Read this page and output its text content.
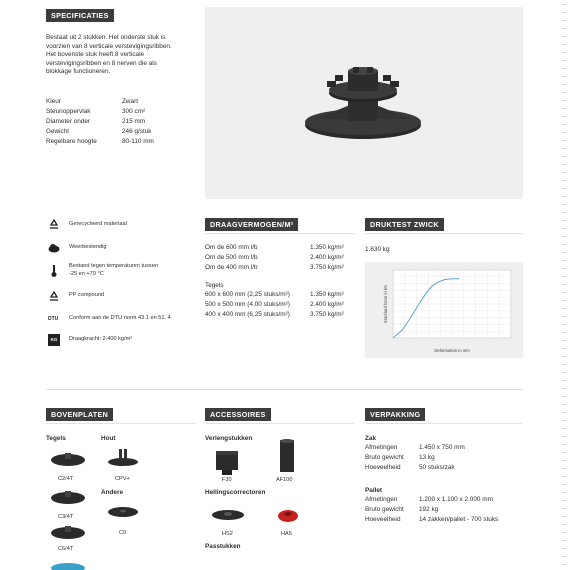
SPECIFICATIES
Bestaat uit 2 stukken. Het onderste stuk is
voorzien van 8 verticale verstevigingsribben.
Het bovenste stuk heeft 8 verticale
verstevigingsribben en 8 nerven die als
blokkage functioneren.
Kleur	Zwart
Steunoppervlak	300 cm²
Diameter onder	215 mm
Gewicht	246 g/stuk
Regelbare hoogte	80-110 mm
Gerecycleerd materiaal
Weerbestendig
Bestand tegen temperaturen tussen
-25 en +70 °C
PP compound
DTU	Conform aan de DTU norm 43.1 en 51. 4
KG	Draagkracht: 2.400 kg/m²
DRAAGVERMOGEN/M²
Om de 600 mm l/b	1.350 kg/m²
Om de 500 mm l/b	2.400 kg/m²
Om de 400 mm l/b	3.750 kg/m²
Tegels
600 x 600 mm (2,25 stuks/m²)	1.350 kg/m²
500 x 500 mm (4,00 stuks/m²)	2.400 kg/m²
400 x 400 mm (6,25 stuks/m²)	3.750 kg/m²
DRUKTEST ZWICK
1.630 kg
Deformation in mm
Standard force in kN
BOVENPLATEN
Tegels	Hout
Andere
C2/4T
C3/4T
C6/4T
CPV+
C0
ACCESSOIRES
Verlengstukken
F30	AF100
Hellingscorrectoren
HS2	HA5
Passtukken
VERPAKKING
Zak
Afmetingen	1.450 x 750 mm
Bruto gewicht 13 kg
Hoeveelheid	50 stuks/zak
Pallet
Afmetingen	1.200 x 1.100 x 2.000 mm
Bruto gewicht 192 kg
Hoeveelheid	14 zakken/pallet - 700 stuks
